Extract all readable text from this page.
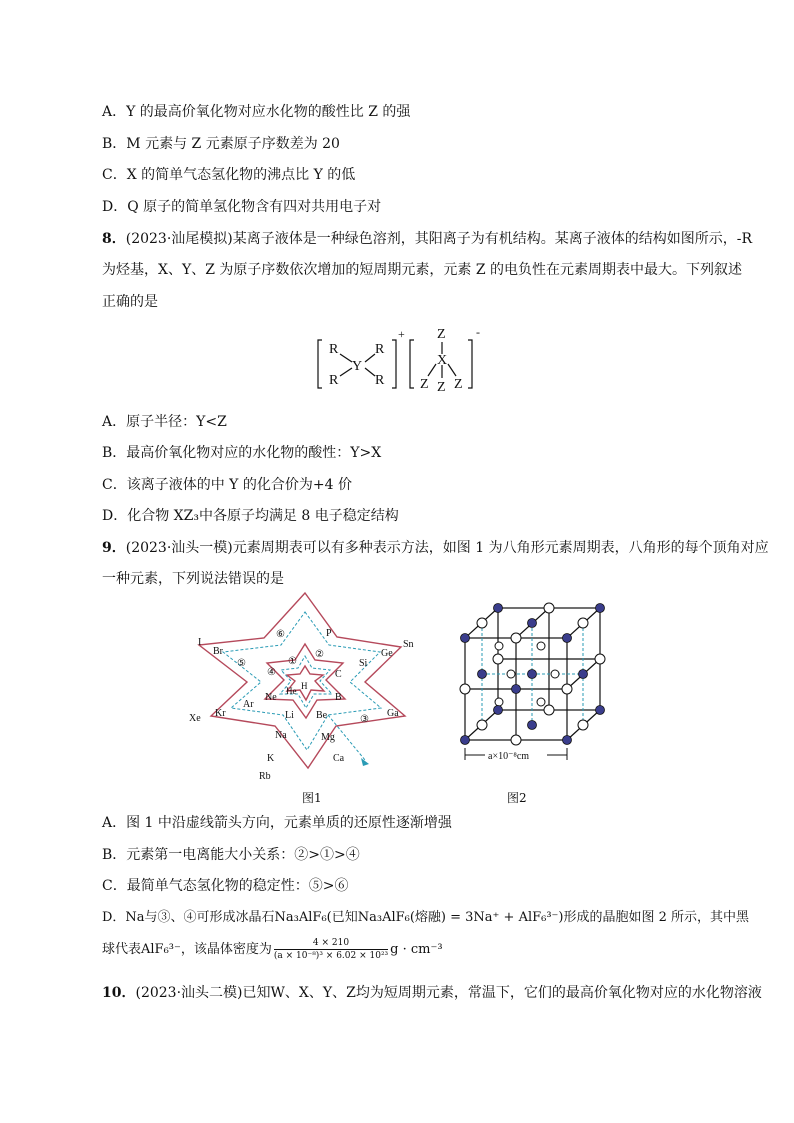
A．Y 的最高价氧化物对应水化物的酸性比 Z 的强
B．M 元素与 Z 元素原子序数差为 20
C．X 的简单气态氢化物的沸点比 Y 的低
D．Q 原子的简单氢化物含有四对共用电子对
8．(2023·汕尾模拟)某离子液体是一种绿色溶剂，其阳离子为有机结构。某离子液体的结构如图所示，-R
为烃基，X、Y、Z 为原子序数依次增加的短周期元素，元素 Z 的电负性在元素周期表中最大。下列叙述
正确的是
R	R
Y
R	R
+ Z
X
Z Z Z
-
A．原子半径：Y<Z
B．最高价氧化物对应的水化物的酸性：Y>X
C．该离子液体的中 Y 的化合价为+4 价
D．化合物 XZ₃中各原子均满足 8 电子稳定结构
9．(2023·汕头一模)元素周期表可以有多种表示方法，如图 1 为八角形元素周期表，八角形的每个顶角对应
一种元素，下列说法错误的是
I	Sn
Xe
Rb
Br	Ge
Kr	Ga
P
Si
C
B
Ne
Ar
Na
K
Mg
Ca
Be
Li
He H
①
②
③
④
⑤
⑥
图1
a×10⁻⁸cm
图2
A．图 1 中沿虚线箭头方向，元素单质的还原性逐渐增强
B．元素第一电离能大小关系：②>①>④
C．最简单气态氢化物的稳定性：⑤>⑥
D．Na与③、④可形成冰晶石Na₃AlF₆(已知Na₃AlF₆(熔融) = 3Na⁺ + AlF₆³⁻)形成的晶胞如图 2 所示，其中黑
球代表AlF₆³⁻，该晶体密度为 $\frac{4 \times 210}{\text{(a × 10⁻⁸)³ × 6.02 × 10²³}}$ g · cm⁻³
10．(2023·汕头二模)已知W、X、Y、Z均为短周期元素，常温下，它们的最高价氧化物对应的水化物溶液
